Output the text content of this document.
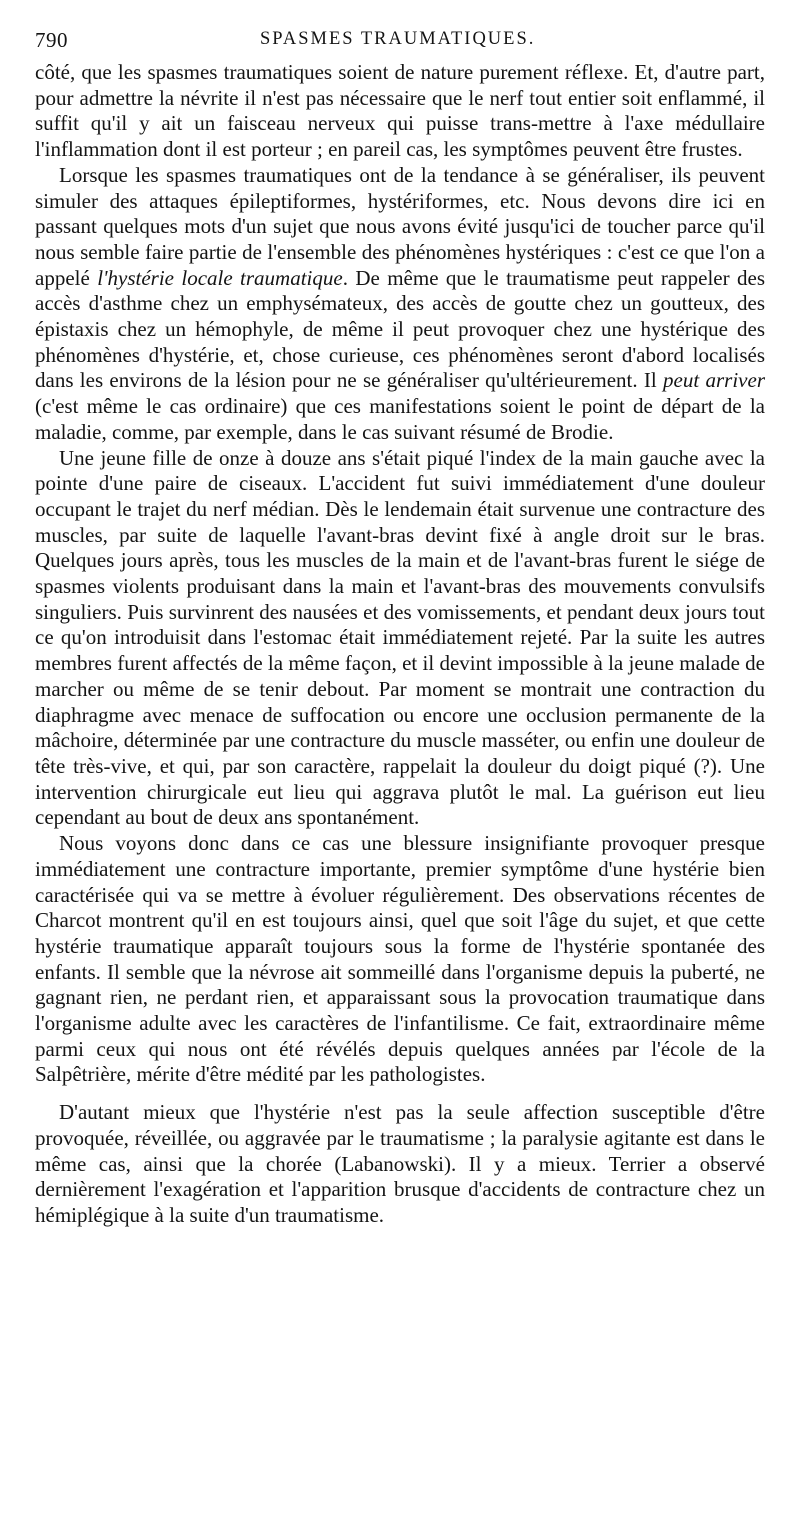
790	SPASMES TRAUMATIQUES.

côté, que les spasmes traumatiques soient de nature purement réflexe. Et, d'autre part, pour admettre la névrite il n'est pas nécessaire que le nerf tout entier soit enflammé, il suffit qu'il y ait un faisceau nerveux qui puisse trans-mettre à l'axe médullaire l'inflammation dont il est porteur ; en pareil cas, les symptômes peuvent être frustes.

Lorsque les spasmes traumatiques ont de la tendance à se généraliser, ils peuvent simuler des attaques épileptiformes, hystériformes, etc. Nous devons dire ici en passant quelques mots d'un sujet que nous avons évité jusqu'ici de toucher parce qu'il nous semble faire partie de l'ensemble des phénomènes hystériques : c'est ce que l'on a appelé l'hystérie locale traumatique. De même que le traumatisme peut rappeler des accès d'asthme chez un emphysémateux, des accès de goutte chez un goutteux, des épistaxis chez un hémophyle, de même il peut provoquer chez une hystérique des phénomènes d'hystérie, et, chose curieuse, ces phénomènes seront d'abord localisés dans les environs de la lésion pour ne se généraliser qu'ultérieurement. Il peut arriver (c'est même le cas ordinaire) que ces manifestations soient le point de départ de la maladie, comme, par exemple, dans le cas suivant résumé de Brodie.

Une jeune fille de onze à douze ans s'était piqué l'index de la main gauche avec la pointe d'une paire de ciseaux. L'accident fut suivi immédiatement d'une douleur occupant le trajet du nerf médian. Dès le lendemain était survenue une contracture des muscles, par suite de laquelle l'avant-bras devint fixé à angle droit sur le bras. Quelques jours après, tous les muscles de la main et de l'avant-bras furent le siége de spasmes violents produisant dans la main et l'avant-bras des mouvements convulsifs singuliers. Puis survinrent des nausées et des vomissements, et pendant deux jours tout ce qu'on introduisit dans l'estomac était immédiatement rejeté. Par la suite les autres membres furent affectés de la même façon, et il devint impossible à la jeune malade de marcher ou même de se tenir debout. Par moment se montrait une contraction du diaphragme avec menace de suffocation ou encore une occlusion permanente de la mâchoire, déterminée par une contracture du muscle masséter, ou enfin une douleur de tête très-vive, et qui, par son caractère, rappelait la douleur du doigt piqué (?). Une intervention chirurgicale eut lieu qui aggrava plutôt le mal. La guérison eut lieu cependant au bout de deux ans spontanément.

Nous voyons donc dans ce cas une blessure insignifiante provoquer presque immédiatement une contracture importante, premier symptôme d'une hystérie bien caractérisée qui va se mettre à évoluer régulièrement. Des observations récentes de Charcot montrent qu'il en est toujours ainsi, quel que soit l'âge du sujet, et que cette hystérie traumatique apparaît toujours sous la forme de l'hystérie spontanée des enfants. Il semble que la névrose ait sommeillé dans l'organisme depuis la puberté, ne gagnant rien, ne perdant rien, et apparaissant sous la provocation traumatique dans l'organisme adulte avec les caractères de l'infantilisme. Ce fait, extraordinaire même parmi ceux qui nous ont été révélés depuis quelques années par l'école de la Salpêtrière, mérite d'être médité par les pathologistes.

D'autant mieux que l'hystérie n'est pas la seule affection susceptible d'être provoquée, réveillée, ou aggravée par le traumatisme ; la paralysie agitante est dans le même cas, ainsi que la chorée (Labanowski). Il y a mieux. Terrier a observé dernièrement l'exagération et l'apparition brusque d'accidents de contracture chez un hémiplégique à la suite d'un traumatisme.
